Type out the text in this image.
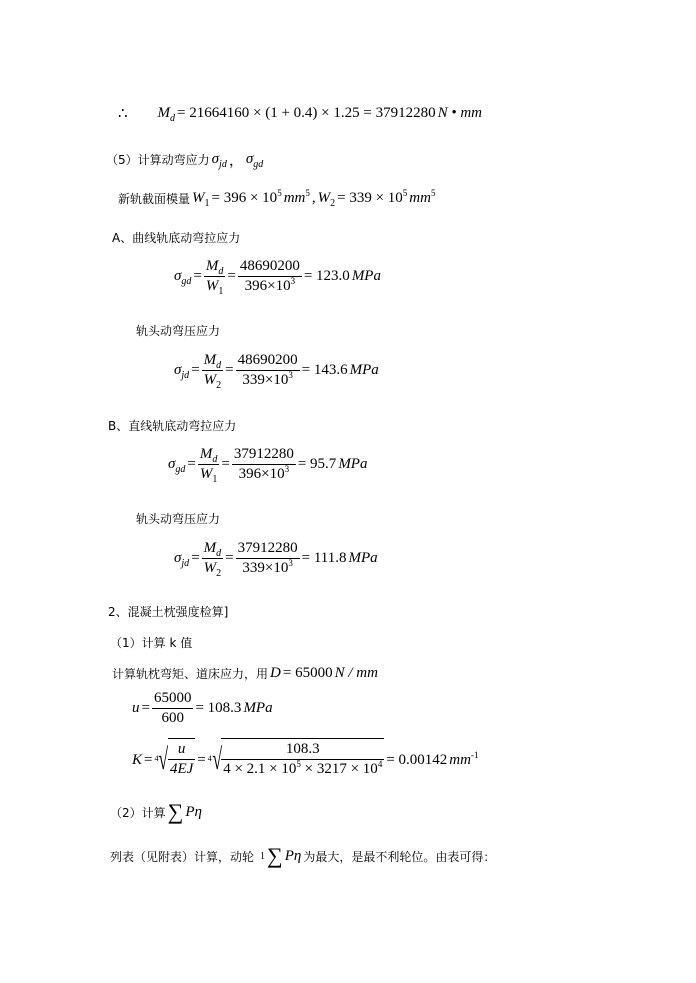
∴ $M_d = 21664160 \times (1 + 0.4) \times 1.25 = 37912280$ N • mm
（5）计算动弯应力 $\sigma_{jd}$ ， $\sigma_{gd}$
新轨截面模量 $W_1 = 396 \times 10^5$ $mm^5$ , $W_2 = 339 \times 10^5$ $mm^5$
A、曲线轨底动弯拉应力
$\sigma_{gd} = \frac{M_d}{W_1} = \frac{48690200}{396\times 10^3} = 123.0$ MPa
轨头动弯压应力
$\sigma_{jd} = \frac{M_d}{W_2} = \frac{48690200}{339\times 10^3} = 143.6$ MPa
B、直线轨底动弯拉应力
$\sigma_{gd} = \frac{M_d}{W_1} = \frac{37912280}{396\times 10^3} = 95.7$ MPa
轨头动弯压应力
$\sigma_{jd} = \frac{M_d}{W_2} = \frac{37912280}{339\times 10^3} = 111.8$ MPa
2、混凝土枕强度检算]
（1）计算 k 值
计算轨枕弯矩、道床应力，用 D = 65000 N / mm
$u = \frac{65000}{600} = 108.3$ MPa
K = 4 √ $\frac{u}{4EJ} = 4$ √ $\frac{108.3}{4 \times 2.1 \times 10^5 \times 3217 \times 10^4} = 0.00142$ $mm^{-1}$
（2）计算 ∑ Pη
列表（见附表）计算，动轮 1 ∑ Pη 为最大，是最不利轮位。由表可得：
